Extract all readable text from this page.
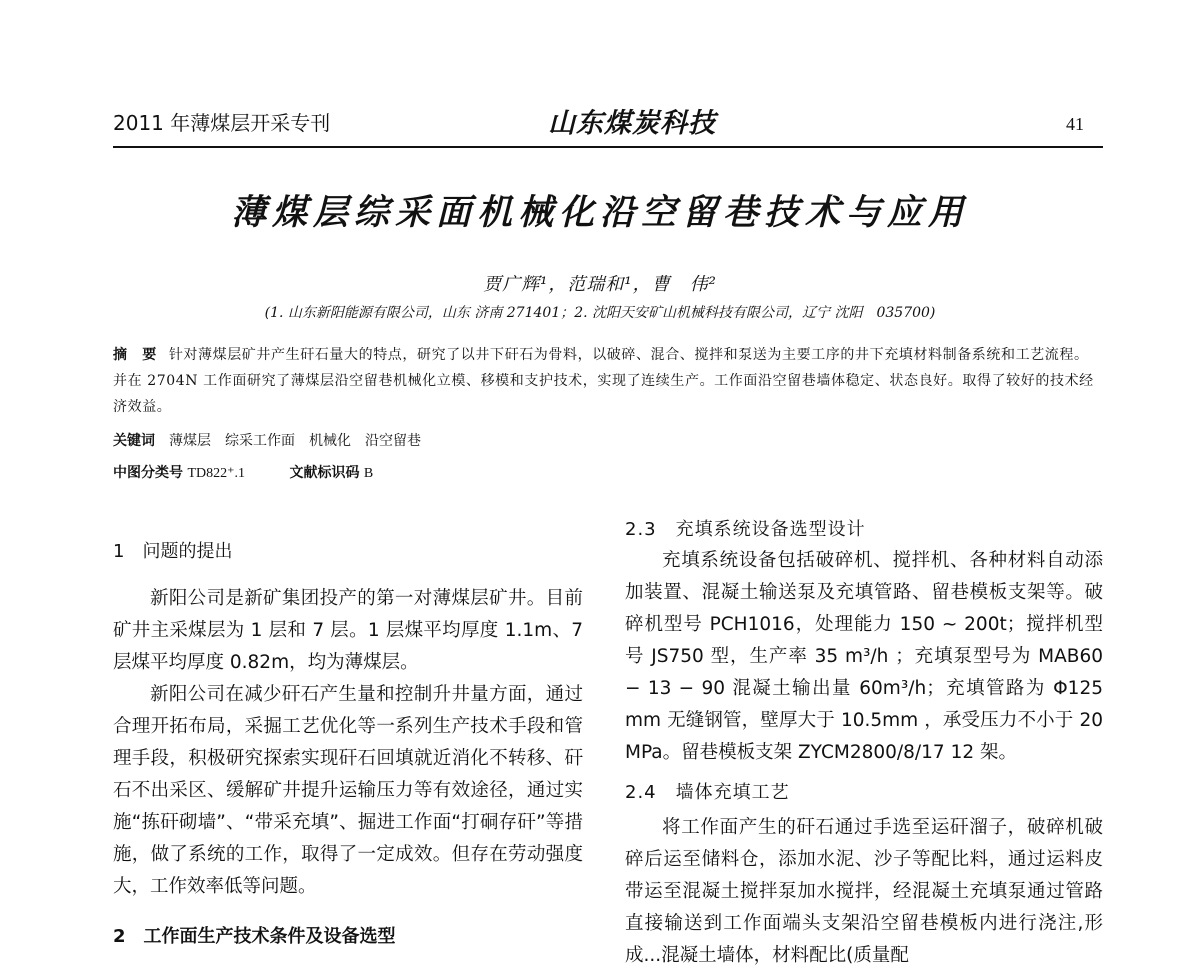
2011 年薄煤层开采专刊	山东煤炭科技	41
薄煤层综采面机械化沿空留巷技术与应用
贾广辉¹，范瑞和¹，曹　伟²
(1. 山东新阳能源有限公司，山东 济南 271401；2. 沈阳天安矿山机械科技有限公司，辽宁 沈阳　035700)
摘　要 针对薄煤层矿井产生矸石量大的特点，研究了以井下矸石为骨料，以破碎、混合、搅拌和泵送为主要工序的井下充填材料制备系统和工艺流程。并在 2704N 工作面研究了薄煤层沿空留巷机械化立模、移模和支护技术，实现了连续生产。工作面沿空留巷墙体稳定、状态良好。取得了较好的技术经济效益。
关键词 薄煤层　综采工作面　机械化　沿空留巷
中图分类号 TD822⁺.1	文献标识码 B
1　问题的提出

新阳公司是新矿集团投产的第一对薄煤层矿井。目前矿井主采煤层为 1 层和 7 层。1 层煤平均厚度 1.1m、7 层煤平均厚度 0.82m，均为薄煤层。

新阳公司在减少矸石产生量和控制升井量方面，通过合理开拓布局，采掘工艺优化等一系列生产技术手段和管理手段，积极研究探索实现矸石回填就近消化不转移、矸石不出采区、缓解矿井提升运输压力等有效途径，通过实施“拣矸砌墙”、“带采充填”、掘进工作面“打硐存矸”等措施，做了系统的工作，取得了一定成效。但存在劳动强度大，工作效率低等问题。

2　工作面生产技术条件及设备选型
2.3　充填系统设备选型设计

充填系统设备包括破碎机、搅拌机、各种材料自动添加装置、混凝土输送泵及充填管路、留巷模板支架等。破碎机型号 PCH1016，处理能力 150 ~ 200t；搅拌机型号 JS750 型，生产率 35 m³/h ；充填泵型号为 MAB60 − 13 − 90 混凝土输出量 60m³/h；充填管路为 Φ125 mm 无缝钢管，壁厚大于 10.5mm ，承受压力不小于 20 MPa。留巷模板支架 ZYCM2800/8/17 12 架。

2.4　墙体充填工艺

将工作面产生的矸石通过手选至运矸溜子，破碎机破碎后运至储料仓，添加水泥、沙子等配比料，通过运料皮带运至混凝土搅拌泵加水搅拌，经混凝土充填泵通过管路直接输送到工作面端头支架沿空留巷模板内进行浇注,形成...混凝土墙体，材料配比(质量配
